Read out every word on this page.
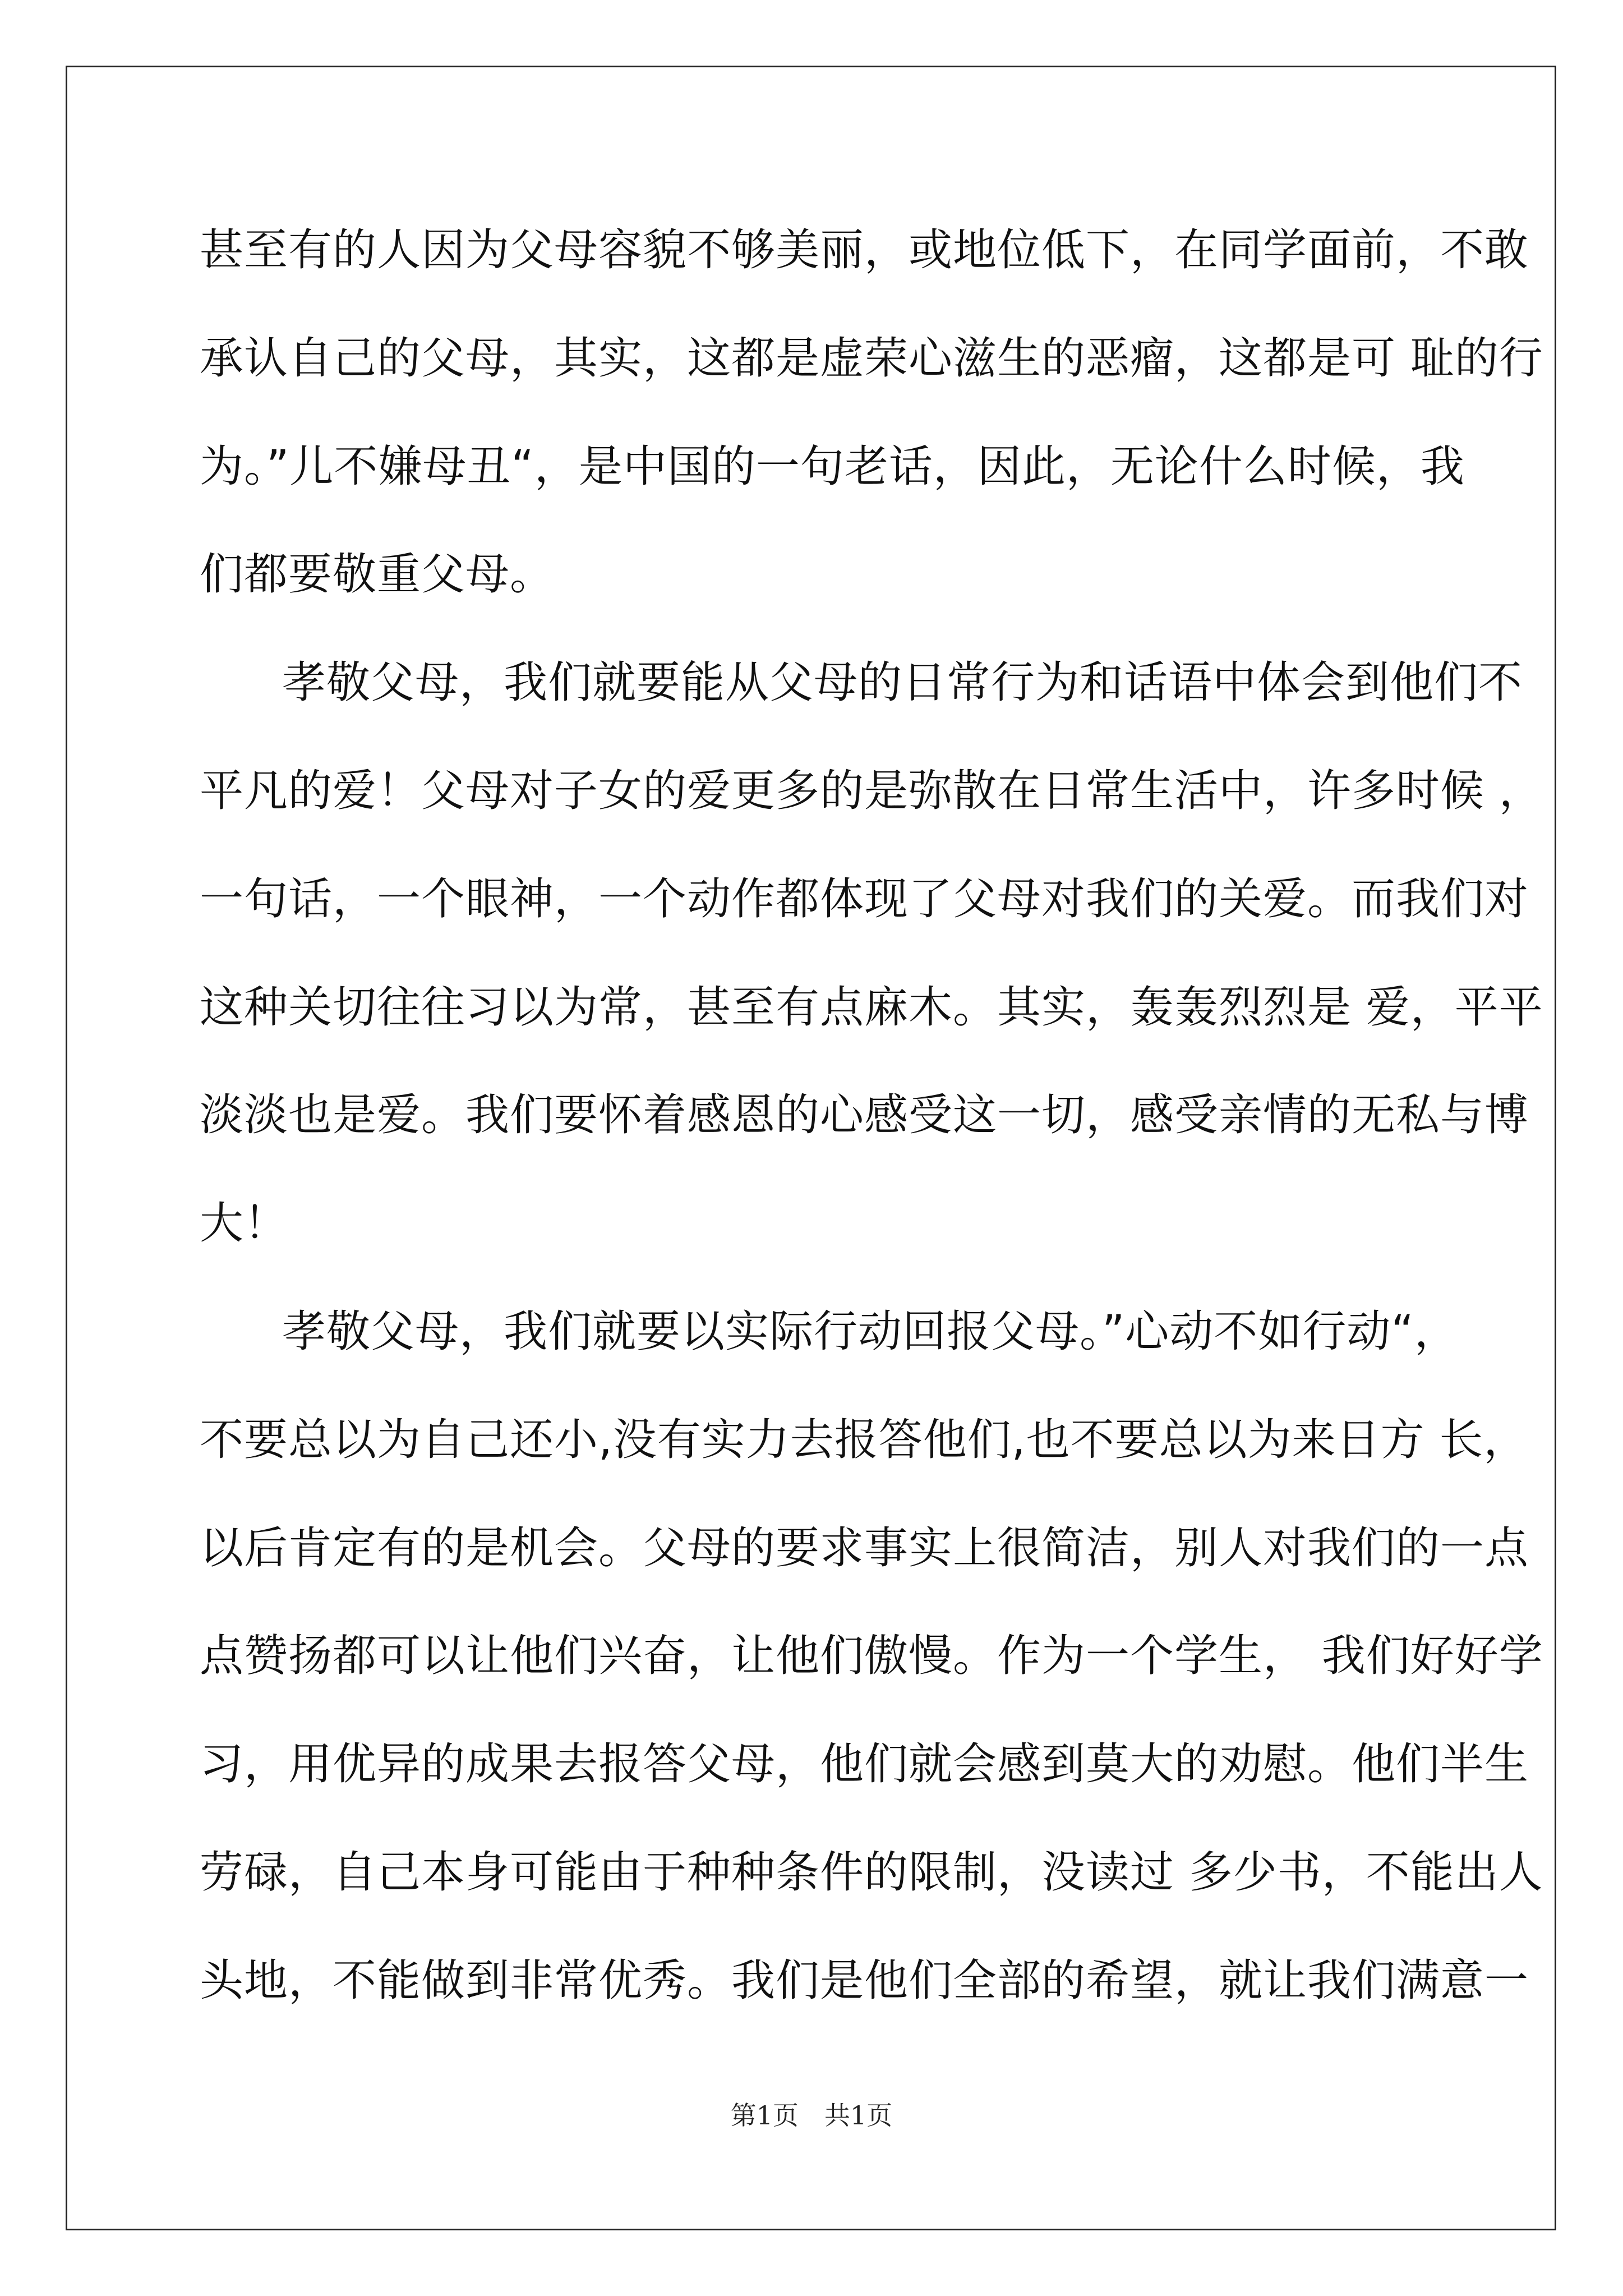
甚至有的人因为父母容貌不够美丽，或地位低下，在同学面前，不敢
承认自己的父母，其实，这都是虚荣心滋生的恶瘤，这都是可 耻的行
为。”儿不嫌母丑“，是中国的一句老话，因此，无论什么时候，我
们都要敬重父母。
孝敬父母，我们就要能从父母的日常行为和话语中体会到他们不
平凡的爱！父母对子女的爱更多的是弥散在日常生活中，许多时候 ，
一句话，一个眼神，一个动作都体现了父母对我们的关爱。而我们对
这种关切往往习以为常，甚至有点麻木。其实，轰轰烈烈是 爱，平平
淡淡也是爱。我们要怀着感恩的心感受这一切，感受亲情的无私与博
大！
孝敬父母，我们就要以实际行动回报父母。”心动不如行动“，
不要总以为自己还小,没有实力去报答他们,也不要总以为来日方 长，
以后肯定有的是机会。父母的要求事实上很简洁，别人对我们的一点
点赞扬都可以让他们兴奋，让他们傲慢。作为一个学生， 我们好好学
习，用优异的成果去报答父母，他们就会感到莫大的劝慰。他们半生
劳碌，自己本身可能由于种种条件的限制，没读过 多少书，不能出人
头地，不能做到非常优秀。我们是他们全部的希望，就让我们满意一
第1页　共1页
